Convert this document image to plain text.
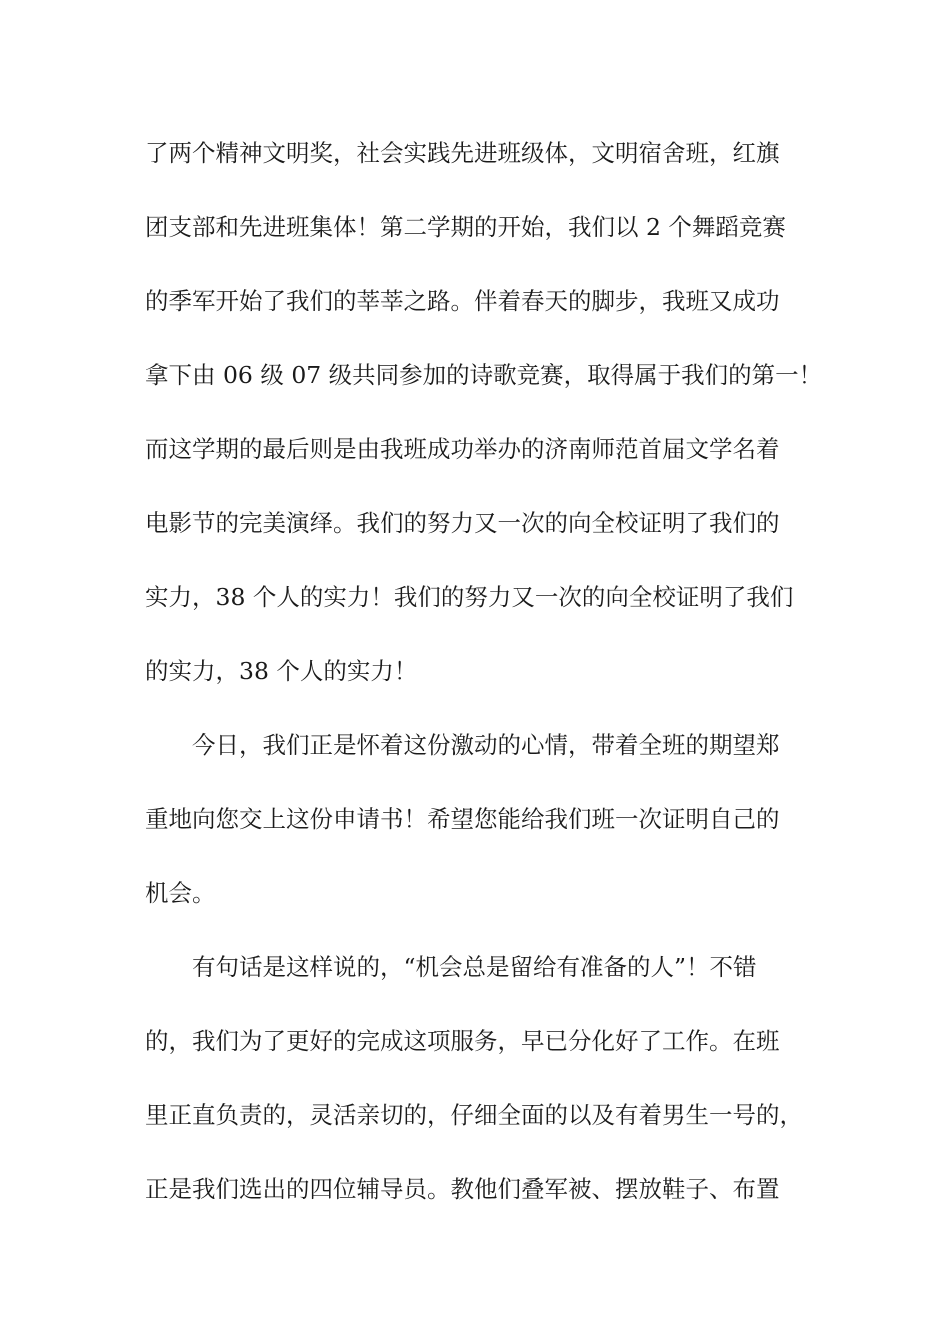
了两个精神文明奖，社会实践先进班级体，文明宿舍班，红旗
团支部和先进班集体！第二学期的开始，我们以 2 个舞蹈竞赛
的季军开始了我们的莘莘之路。伴着春天的脚步，我班又成功
拿下由 06 级 07 级共同参加的诗歌竞赛，取得属于我们的第一！
而这学期的最后则是由我班成功举办的济南师范首届文学名着
电影节的完美演绎。我们的努力又一次的向全校证明了我们的
实力，38 个人的实力！我们的努力又一次的向全校证明了我们
的实力，38 个人的实力！
今日，我们正是怀着这份激动的心情，带着全班的期望郑
重地向您交上这份申请书！希望您能给我们班一次证明自己的
机会。
有句话是这样说的，“机会总是留给有准备的人”！不错
的，我们为了更好的完成这项服务，早已分化好了工作。在班
里正直负责的，灵活亲切的，仔细全面的以及有着男生一号的，
正是我们选出的四位辅导员。教他们叠军被、摆放鞋子、布置
